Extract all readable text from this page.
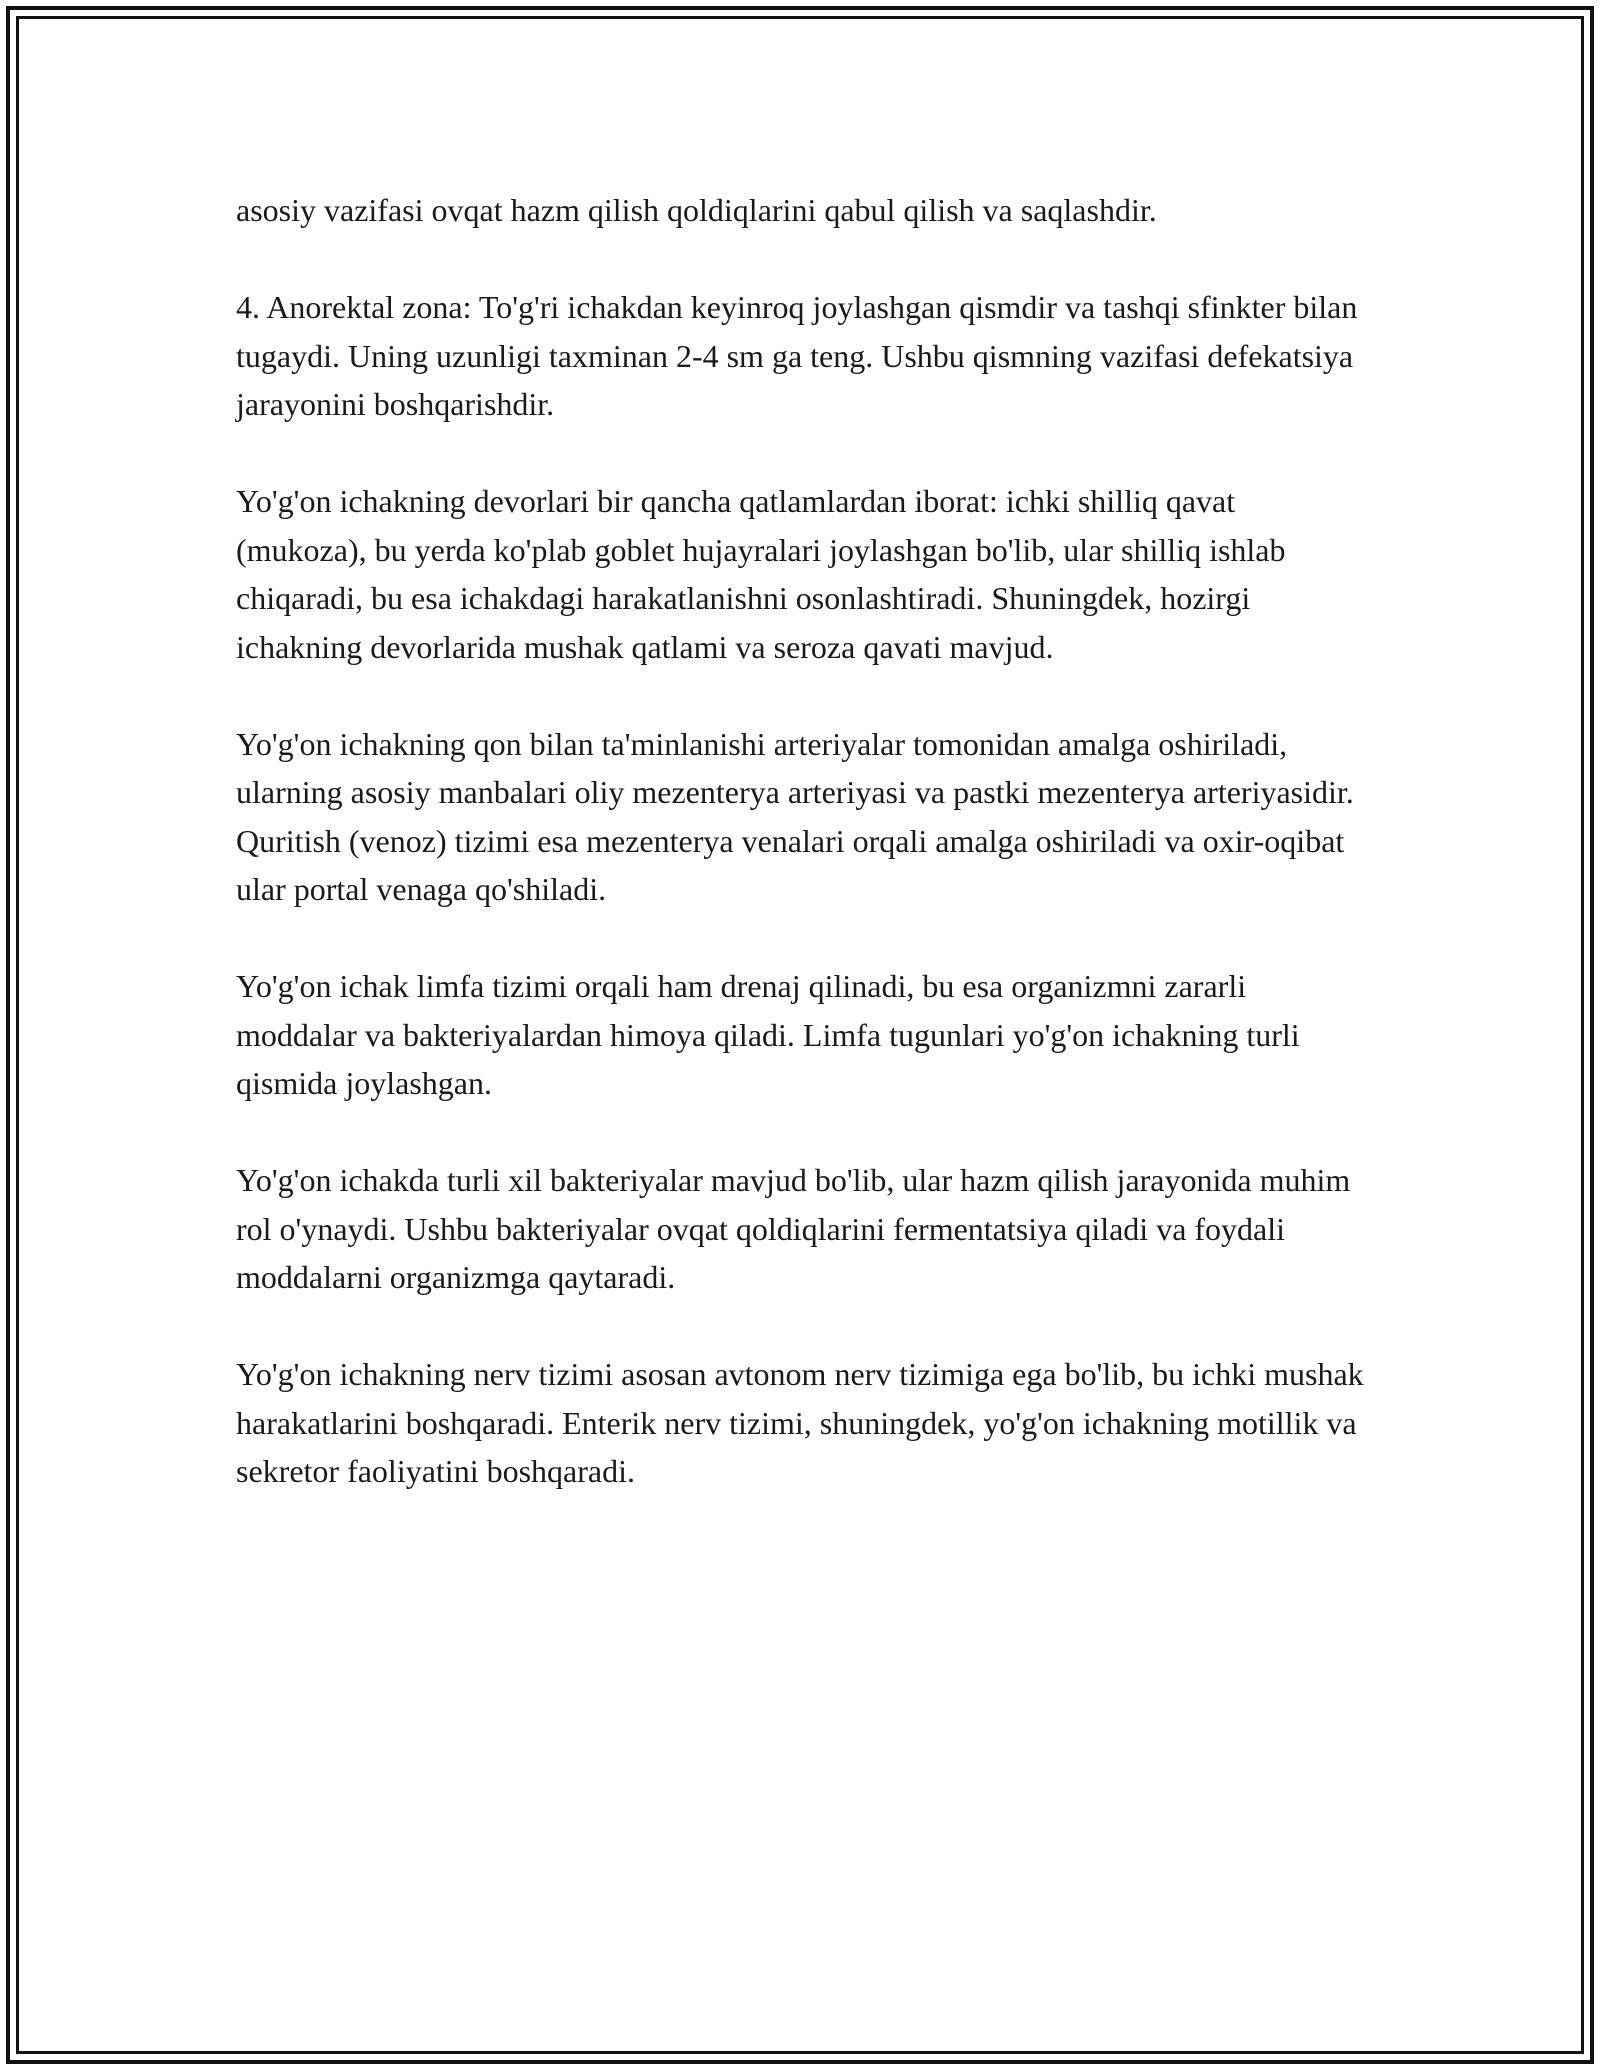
asosiy vazifasi ovqat hazm qilish qoldiqlarini qabul qilish va saqlashdir.

4. Anorektal zona: To'g'ri ichakdan keyinroq joylashgan qismdir va tashqi sfinkter bilan tugaydi. Uning uzunligi taxminan 2-4 sm ga teng. Ushbu qismning vazifasi defekatsiya jarayonini boshqarishdir.

Yo'g'on ichakning devorlari bir qancha qatlamlardan iborat: ichki shilliq qavat (mukoza), bu yerda ko'plab goblet hujayralari joylashgan bo'lib, ular shilliq ishlab chiqaradi, bu esa ichakdagi harakatlanishni osonlashtiradi. Shuningdek, hozirgi ichakning devorlarida mushak qatlami va seroza qavati mavjud.

Yo'g'on ichakning qon bilan ta'minlanishi arteriyalar tomonidan amalga oshiriladi, ularning asosiy manbalari oliy mezenterya arteriyasi va pastki mezenterya arteriyasidir. Quritish (venoz) tizimi esa mezenterya venalari orqali amalga oshiriladi va oxir-oqibat ular portal venaga qo'shiladi.

Yo'g'on ichak limfa tizimi orqali ham drenaj qilinadi, bu esa organizmni zararli moddalar va bakteriyalardan himoya qiladi. Limfa tugunlari yo'g'on ichakning turli qismida joylashgan.

Yo'g'on ichakda turli xil bakteriyalar mavjud bo'lib, ular hazm qilish jarayonida muhim rol o'ynaydi. Ushbu bakteriyalar ovqat qoldiqlarini fermentatsiya qiladi va foydali moddalarni organizmga qaytaradi.

Yo'g'on ichakning nerv tizimi asosan avtonom nerv tizimiga ega bo'lib, bu ichki mushak harakatlarini boshqaradi. Enterik nerv tizimi, shuningdek, yo'g'on ichakning motillik va sekretor faoliyatini boshqaradi.
